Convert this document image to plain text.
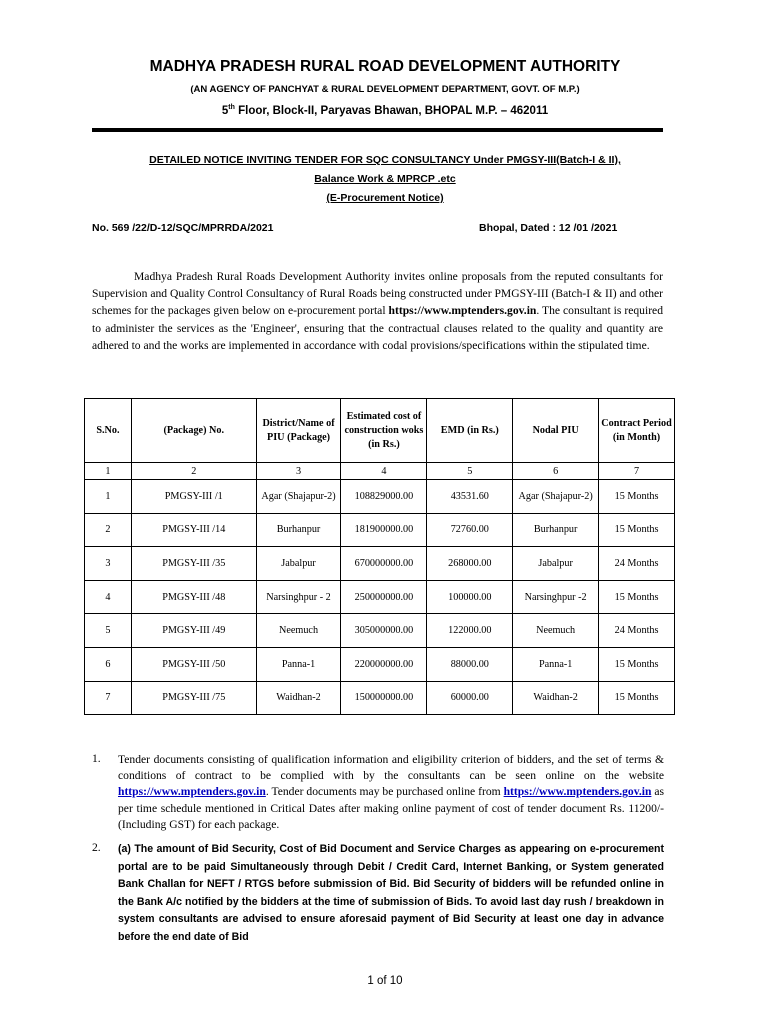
MADHYA PRADESH RURAL ROAD DEVELOPMENT AUTHORITY
(AN AGENCY OF PANCHYAT & RURAL DEVELOPMENT DEPARTMENT, GOVT. OF M.P.)
5th Floor, Block-II, Paryavas Bhawan, BHOPAL M.P. – 462011
DETAILED NOTICE INVITING TENDER FOR SQC CONSULTANCY Under PMGSY-III(Batch-I & II),
Balance Work & MPRCP .etc
(E-Procurement Notice)
No. 569 /22/D-12/SQC/MPRRDA/2021	Bhopal, Dated : 12 /01 /2021

Madhya Pradesh Rural Roads Development Authority invites online proposals from the reputed consultants for Supervision and Quality Control Consultancy of Rural Roads being constructed under PMGSY-III (Batch-I & II) and other schemes for the packages given below on e-procurement portal https://www.mptenders.gov.in. The consultant is required to administer the services as the 'Engineer', ensuring that the contractual clauses related to the quality and quantity are adhered to and the works are implemented in accordance with codal provisions/specifications within the stipulated time.

S.No.	(Package) No.	District/Name of PIU (Package)	Estimated cost of construction woks (in Rs.)	EMD (in Rs.)	Nodal PIU	Contract Period (in Month)
1	2	3	4	5	6	7
1	PMGSY-III /1	Agar (Shajapur-2)	108829000.00	43531.60	Agar (Shajapur-2)	15 Months
2	PMGSY-III /14	Burhanpur	181900000.00	72760.00	Burhanpur	15 Months
3	PMGSY-III /35	Jabalpur	670000000.00	268000.00	Jabalpur	24 Months
4	PMGSY-III /48	Narsinghpur - 2	250000000.00	100000.00	Narsinghpur -2	15 Months
5	PMGSY-III /49	Neemuch	305000000.00	122000.00	Neemuch	24 Months
6	PMGSY-III /50	Panna-1	220000000.00	88000.00	Panna-1	15 Months
7	PMGSY-III /75	Waidhan-2	150000000.00	60000.00	Waidhan-2	15 Months
1. Tender documents consisting of qualification information and eligibility criterion of bidders, and the set of terms & conditions of contract to be complied with by the consultants can be seen online on the website https://www.mptenders.gov.in. Tender documents may be purchased online from https://www.mptenders.gov.in as per time schedule mentioned in Critical Dates after making online payment of cost of tender document Rs. 11200/- (Including GST) for each package.

2. (a) The amount of Bid Security, Cost of Bid Document and Service Charges as appearing on e-procurement portal are to be paid Simultaneously through Debit / Credit Card, Internet Banking, or System generated Bank Challan for NEFT / RTGS before submission of Bid. Bid Security of bidders will be refunded online in the Bank A/c notified by the bidders at the time of submission of Bids. To avoid last day rush / breakdown in system consultants are advised to ensure aforesaid payment of Bid Security at least one day in advance before the end date of Bid

1 of 10
